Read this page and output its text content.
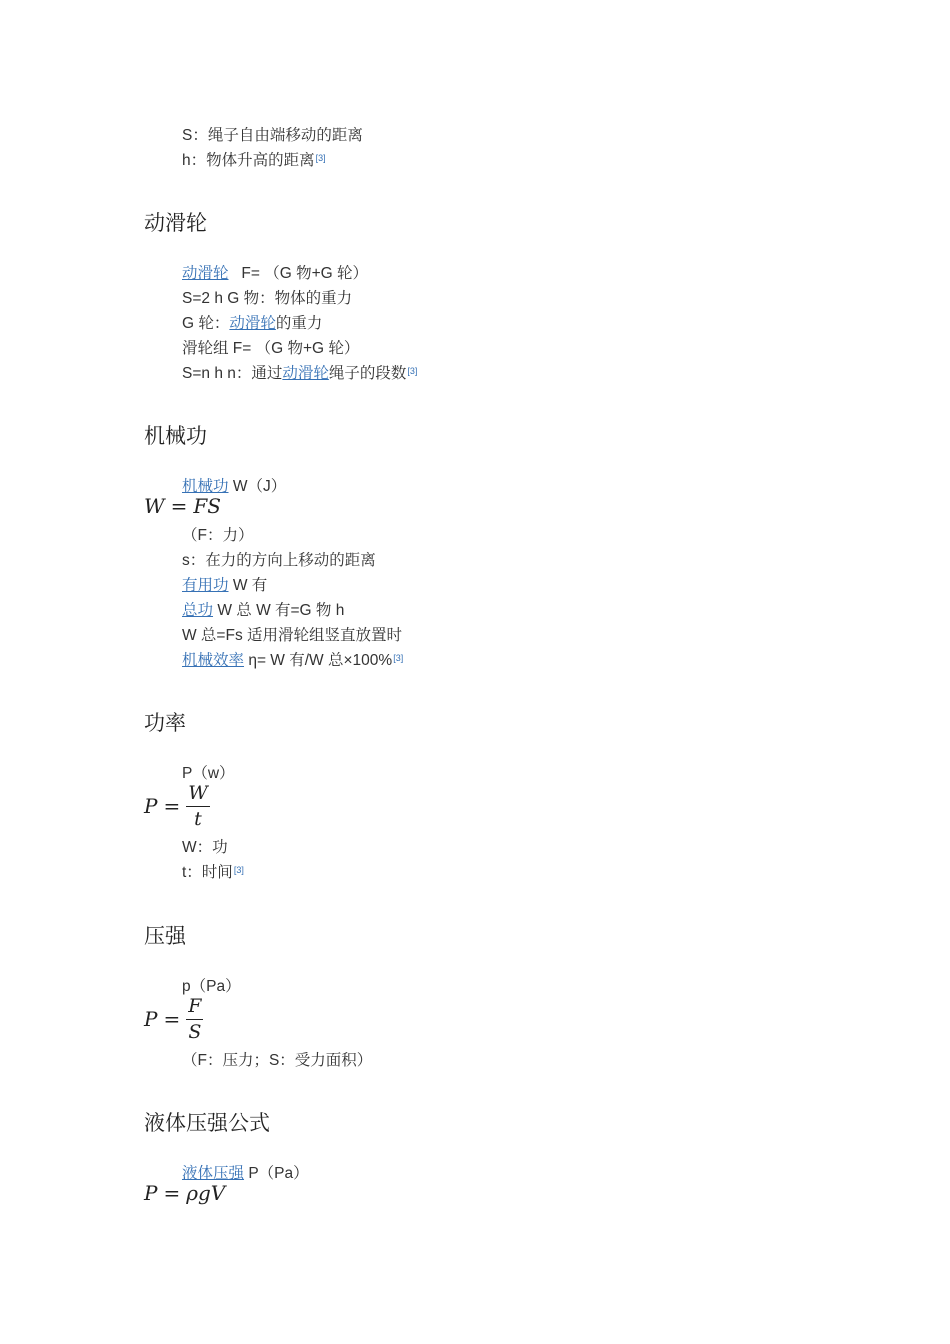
S：绳子自由端移动的距离
h：物体升高的距离[3]
动滑轮
动滑轮   F= （G 物+G 轮）
S=2 h G 物：物体的重力
G 轮：动滑轮的重力
滑轮组 F= （G 物+G 轮）
S=n h n：通过动滑轮绳子的段数[3]
机械功
机械功 W（J）
W = FS
（F：力）
s：在力的方向上移动的距离
有用功 W 有
总功 W 总 W 有=G 物 h
W 总=Fs 适用滑轮组竖直放置时
机械效率 η= W 有/W 总×100%[3]
功率
P（w）
$P = \frac{W}{t}$
W：功
t：时间[3]
压强
p（Pa）
$P = \frac{F}{S}$
（F：压力；S：受力面积）
液体压强公式
液体压强 P（Pa）
P = ρgV
